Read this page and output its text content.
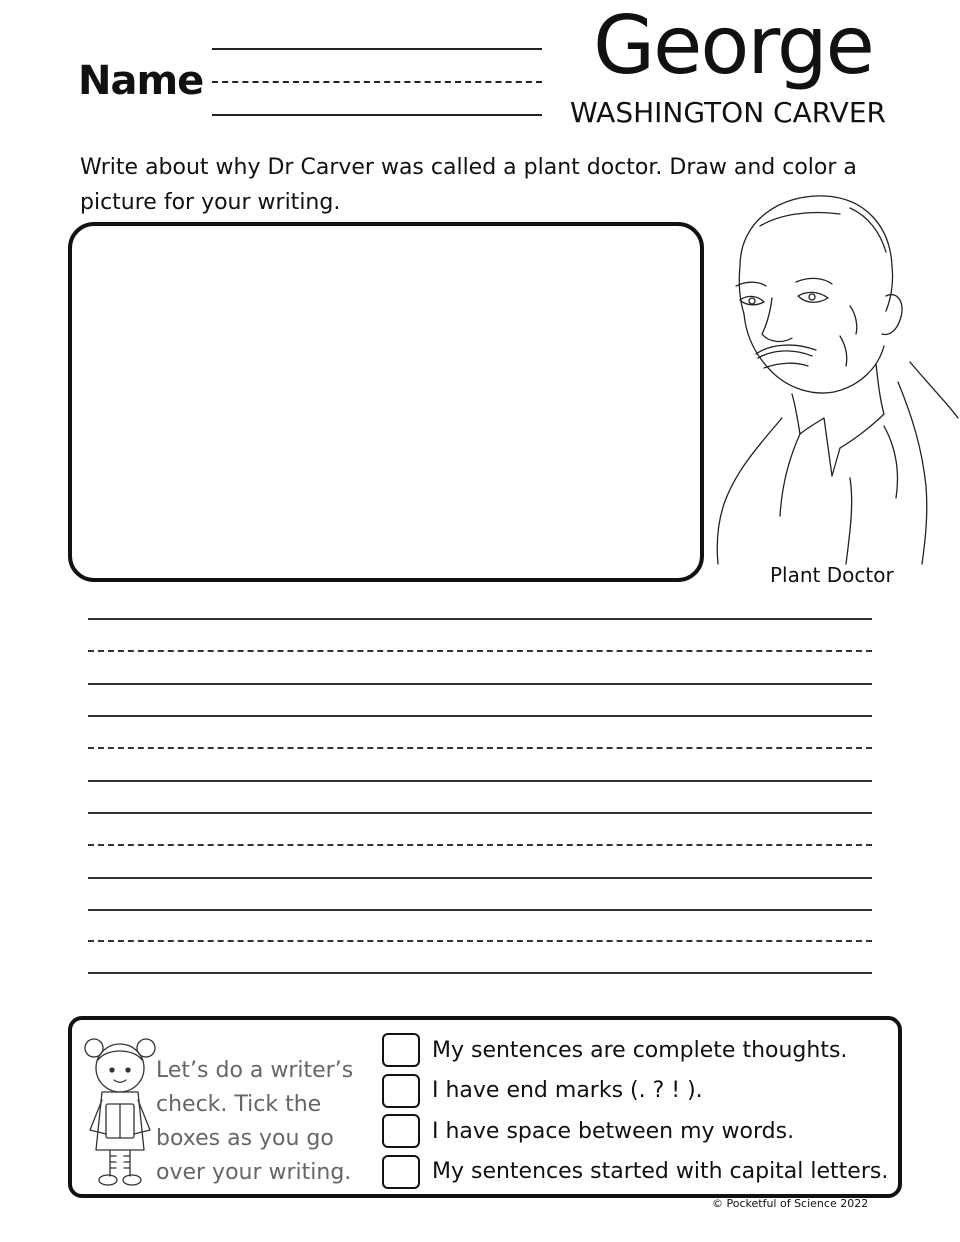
Name	George
WASHINGTON CARVER
Write about why Dr Carver was called a plant doctor. Draw and color a picture for your writing.
Plant Doctor
Let’s do a writer’s check. Tick the boxes as you go over your writing.
My sentences are complete thoughts.
I have end marks (. ? ! ).
I have space between my words.
My sentences started with capital letters.
© Pocketful of Science 2022
